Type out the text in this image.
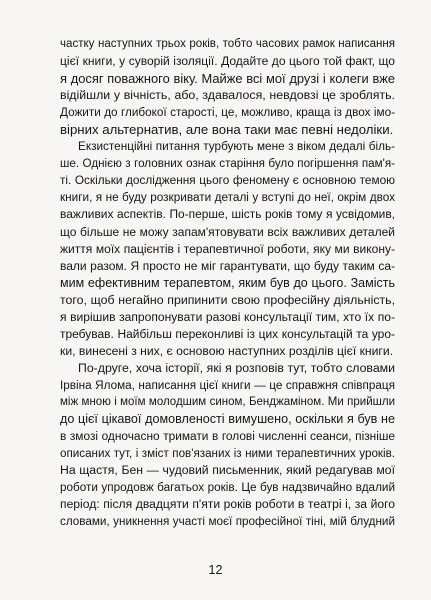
частку наступних трьох років, тобто часових рамок написання
цієї книги, у суворій ізоляції. Додайте до цього той факт, що
я досяг поважного віку. Майже всі мої друзі і колеги вже
відійшли у вічність, або, здавалося, невдовзі це зроблять.
Дожити до глибокої старості, це, можливо, краща із двох імо-
вірних альтернатив, але вона таки має певні недоліки.
Екзистенційні питання турбують мене з віком дедалі біль-
ше. Однією з головних ознак старіння було погіршення пам'я-
ті. Оскільки дослідження цього феномену є основною темою
книги, я не буду розкривати деталі у вступі до неї, окрім двох
важливих аспектів. По-перше, шість років тому я усвідомив,
що більше не можу запам'ятовувати всіх важливих деталей
життя моїх пацієнтів і терапевтичної роботи, яку ми викону-
вали разом. Я просто не міг гарантувати, що буду таким са-
мим ефективним терапевтом, яким був до цього. Замість
того, щоб негайно припинити свою професійну діяльність,
я вирішив запропонувати разові консультації тим, хто їх по-
требував. Найбільш переконливі із цих консультацій та уро-
ки, винесені з них, є основою наступних розділів цієї книги.
По-друге, хоча історії, які я розповів тут, тобто словами
Ірвіна Ялома, написання цієї книги — це справжня співпраця
між мною і моїм молодшим сином, Бенджаміном. Ми прийшли
до цієї цікавої домовленості вимушено, оскільки я був не
в змозі одночасно тримати в голові численні сеанси, пізніше
описаних тут, і зміст пов'язаних із ними терапевтичних уроків.
На щастя, Бен — чудовий письменник, який редагував мої
роботи упродовж багатьох років. Це був надзвичайно вдалий
період: після двадцяти п'яти років роботи в театрі і, за його
словами, уникнення участі моєї професійної тіні, мій блудний
12
